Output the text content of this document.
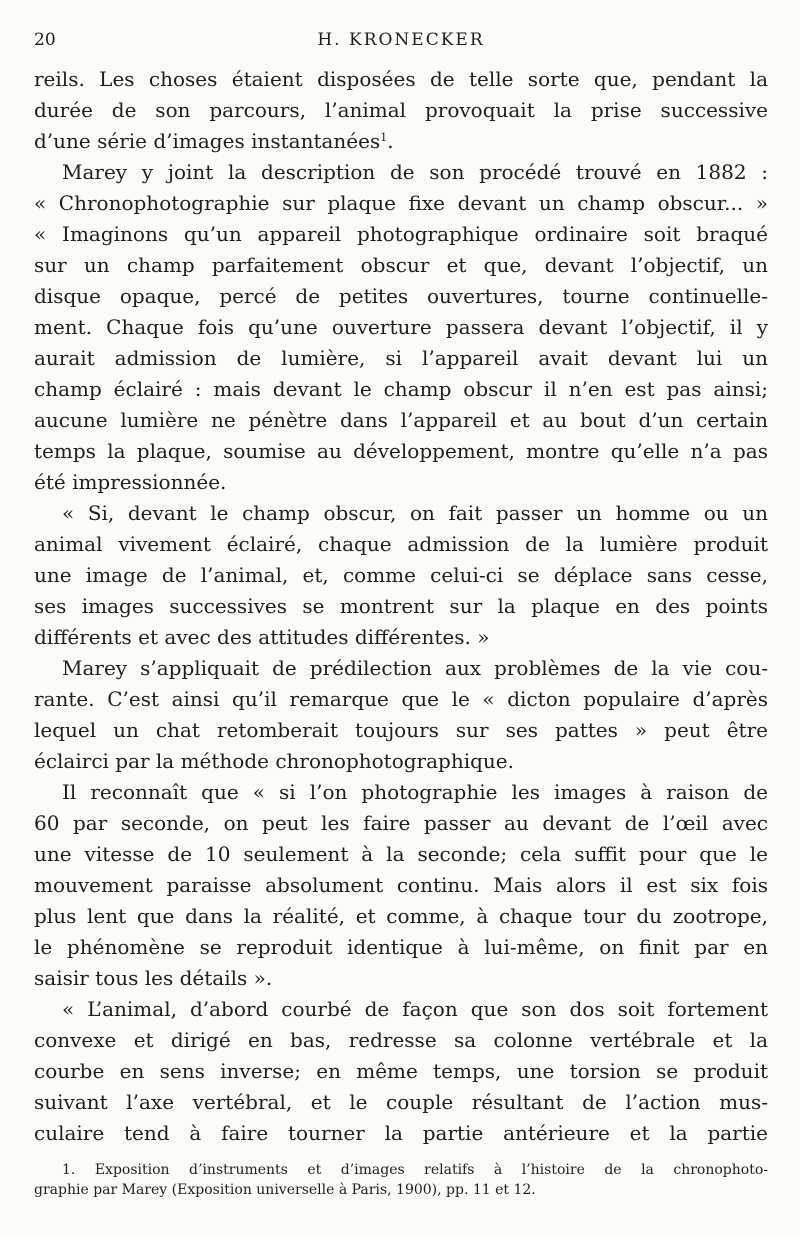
20	H. KRONECKER
reils. Les choses étaient disposées de telle sorte que, pendant la
durée de son parcours, l’animal provoquait la prise successive
d’une série d’images instantanées$^1$.
Marey y joint la description de son procédé trouvé en 1882 :
« Chronophotographie sur plaque fixe devant un champ obscur... »
« Imaginons qu’un appareil photographique ordinaire soit braqué
sur un champ parfaitement obscur et que, devant l’objectif, un
disque opaque, percé de petites ouvertures, tourne continuelle-
ment. Chaque fois qu’une ouverture passera devant l’objectif, il y
aurait admission de lumière, si l’appareil avait devant lui un
champ éclairé : mais devant le champ obscur il n’en est pas ainsi;
aucune lumière ne pénètre dans l’appareil et au bout d’un certain
temps la plaque, soumise au développement, montre qu’elle n’a pas
été impressionnée.
« Si, devant le champ obscur, on fait passer un homme ou un
animal vivement éclairé, chaque admission de la lumière produit
une image de l’animal, et, comme celui-ci se déplace sans cesse,
ses images successives se montrent sur la plaque en des points
différents et avec des attitudes différentes. »
Marey s’appliquait de prédilection aux problèmes de la vie cou-
rante. C’est ainsi qu’il remarque que le « dicton populaire d’après
lequel un chat retomberait toujours sur ses pattes » peut être
éclairci par la méthode chronophotographique.
Il reconnaît que « si l’on photographie les images à raison de
60 par seconde, on peut les faire passer au devant de l’œil avec
une vitesse de 10 seulement à la seconde; cela suffit pour que le
mouvement paraisse absolument continu. Mais alors il est six fois
plus lent que dans la réalité, et comme, à chaque tour du zootrope,
le phénomène se reproduit identique à lui-même, on finit par en
saisir tous les détails ».
« L’animal, d’abord courbé de façon que son dos soit fortement
convexe et dirigé en bas, redresse sa colonne vertébrale et la
courbe en sens inverse; en même temps, une torsion se produit
suivant l’axe vertébral, et le couple résultant de l’action mus-
culaire tend à faire tourner la partie antérieure et la partie
1. Exposition d’instruments et d’images relatifs à l’histoire de la chronophoto-
graphie par Marey (Exposition universelle à Paris, 1900), pp. 11 et 12.
